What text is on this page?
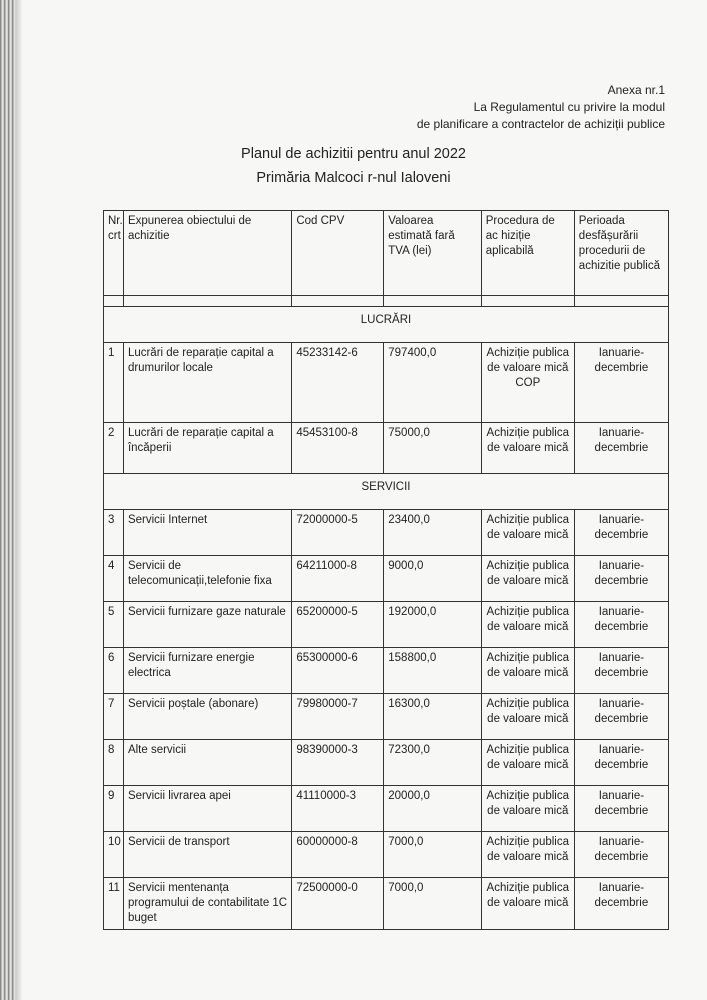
Anexa nr.1
La Regulamentul cu privire la modul
de planificare a contractelor de achiziții publice
Planul de achizitii pentru anul 2022
Primăria Malcoci r-nul Ialoveni
Nr. crt	Expunerea obiectului de achizitie	Cod CPV	Valoarea estimată fară TVA (lei)	Procedura de ac hiziție aplicabilă	Perioada desfășurării procedurii de achizitie publică

LUCRĂRI					
1	Lucrări de reparație capital a drumurilor locale	45233142-6	797400,0	Achiziție publica de valoare mică COP	Ianuarie-decembrie
2	Lucrări de reparație capital a încăperii	45453100-8	75000,0	Achiziție publica de valoare mică	Ianuarie-decembrie
SERVICII					
3	Servicii Internet	72000000-5	23400,0	Achiziție publica de valoare mică	Ianuarie-decembrie
4	Servicii de telecomunicații,telefonie fixa	64211000-8	9000,0	Achiziție publica de valoare mică	Ianuarie-decembrie
5	Servicii furnizare gaze naturale	65200000-5	192000,0	Achiziție publica de valoare mică	Ianuarie-decembrie
6	Servicii furnizare energie electrica	65300000-6	158800,0	Achiziție publica de valoare mică	Ianuarie-decembrie
7	Servicii poștale (abonare)	79980000-7	16300,0	Achiziție publica de valoare mică	Ianuarie-decembrie
8	Alte servicii	98390000-3	72300,0	Achiziție publica de valoare mică	Ianuarie-decembrie
9	Servicii livrarea apei	41110000-3	20000,0	Achiziție publica de valoare mică	Ianuarie-decembrie
10	Servicii de transport	60000000-8	7000,0	Achiziție publica de valoare mică	Ianuarie-decembrie
11	Servicii mentenanța programului de contabilitate 1C buget	72500000-0	7000,0	Achiziție publica de valoare mică	Ianuarie-decembrie
